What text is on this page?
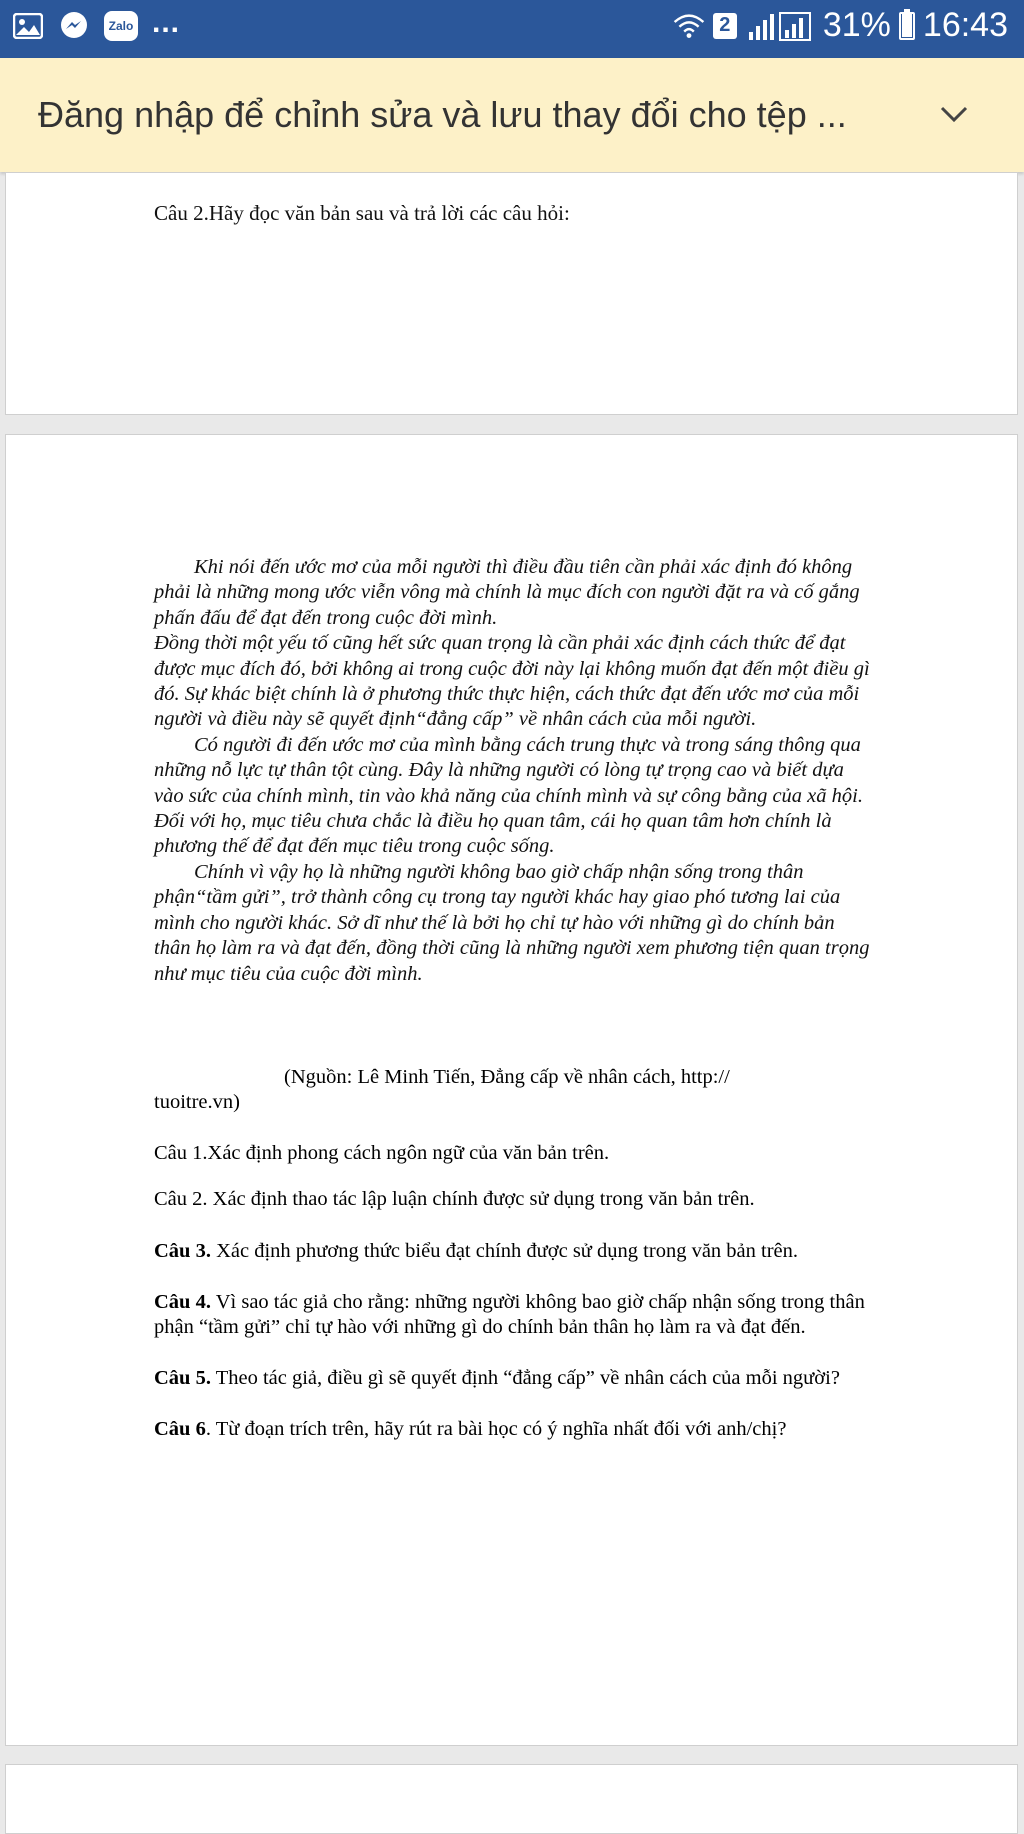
Zalo ...	2	31% 16:43
Đăng nhập để chỉnh sửa và lưu thay đổi cho tệp ...
Câu 2.Hãy đọc văn bản sau và trả lời các câu hỏi:

Khi nói đến ước mơ của mỗi người thì điều đầu tiên cần phải xác định đó không phải là những mong ước viễn vông mà chính là mục đích con người đặt ra và cố gắng phấn đấu để đạt đến trong cuộc đời mình.

Đồng thời một yếu tố cũng hết sức quan trọng là cần phải xác định cách thức để đạt được mục đích đó, bởi không ai trong cuộc đời này lại không muốn đạt đến một điều gì đó. Sự khác biệt chính là ở phương thức thực hiện, cách thức đạt đến ước mơ của mỗi người và điều này sẽ quyết định“đẳng cấp” về nhân cách của mỗi người.

Có người đi đến ước mơ của mình bằng cách trung thực và trong sáng thông qua những nỗ lực tự thân tột cùng. Đây là những người có lòng tự trọng cao và biết dựa vào sức của chính mình, tin vào khả năng của chính mình và sự công bằng của xã hội. Đối với họ, mục tiêu chưa chắc là điều họ quan tâm, cái họ quan tâm hơn chính là phương thế để đạt đến mục tiêu trong cuộc sống.

Chính vì vậy họ là những người không bao giờ chấp nhận sống trong thân phận“tầm gửi”, trở thành công cụ trong tay người khác hay giao phó tương lai của mình cho người khác. Sở dĩ như thế là bởi họ chỉ tự hào với những gì do chính bản thân họ làm ra và đạt đến, đồng thời cũng là những người xem phương tiện quan trọng như mục tiêu của cuộc đời mình.

(Nguồn: Lê Minh Tiến, Đẳng cấp về nhân cách, http://
tuoitre.vn)
Câu 1.Xác định phong cách ngôn ngữ của văn bản trên.
Câu 2. Xác định thao tác lập luận chính được sử dụng trong văn bản trên.
Câu 3. Xác định phương thức biểu đạt chính được sử dụng trong văn bản trên.
Câu 4. Vì sao tác giả cho rằng: những người không bao giờ chấp nhận sống trong thân phận “tầm gửi” chỉ tự hào với những gì do chính bản thân họ làm ra và đạt đến.
Câu 5. Theo tác giả, điều gì sẽ quyết định “đẳng cấp” về nhân cách của mỗi người?
Câu 6. Từ đoạn trích trên, hãy rút ra bài học có ý nghĩa nhất đối với anh/chị?
